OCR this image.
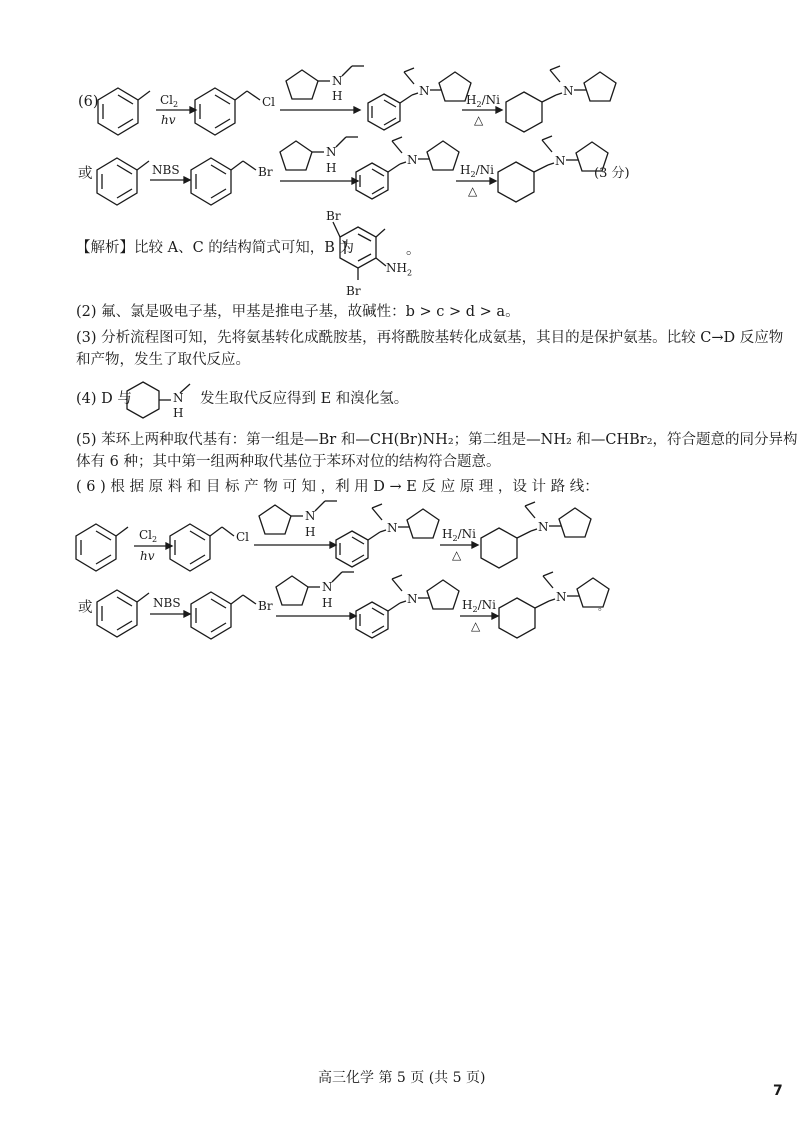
(6)	$Cl_2$
hv
Cl
N
H	N
$H_2/Ni$
△
N
或	NBS	Br
N
H
N
$H_2/Ni$
△
N
(3 分)
【解析】比较 A、C 的结构简式可知，B 为
Br
$NH_2$
Br
。
(2) 氟、氯是吸电子基，甲基是推电子基，故碱性：b > c > d > a。
(3) 分析流程图可知，先将氨基转化成酰胺基，再将酰胺基转化成氨基，其目的是保护氨基。比较 C→D 反应物
和产物，发生了取代反应。
(4) D 与	N
H
发生取代反应得到 E 和溴化氢。
(5) 苯环上两种取代基有：第一组是—Br 和—CH(Br)NH₂；第二组是—NH₂ 和—CHBr₂，符合题意的同分异构
体有 6 种；其中第一组两种取代基位于苯环对位的结构符合题意。
( 6 ) 根 据 原 料 和 目 标 产 物 可 知 ，利 用 D → E 反 应 原 理 ，设 计 路 线：
$Cl_2$
hv
Cl
N
H	N	$H_2/Ni$
△
N
或	NBS	Br
N
H	N	$H_2/Ni$
△
N
。
高三化学 第 5 页 (共 5 页)
7
